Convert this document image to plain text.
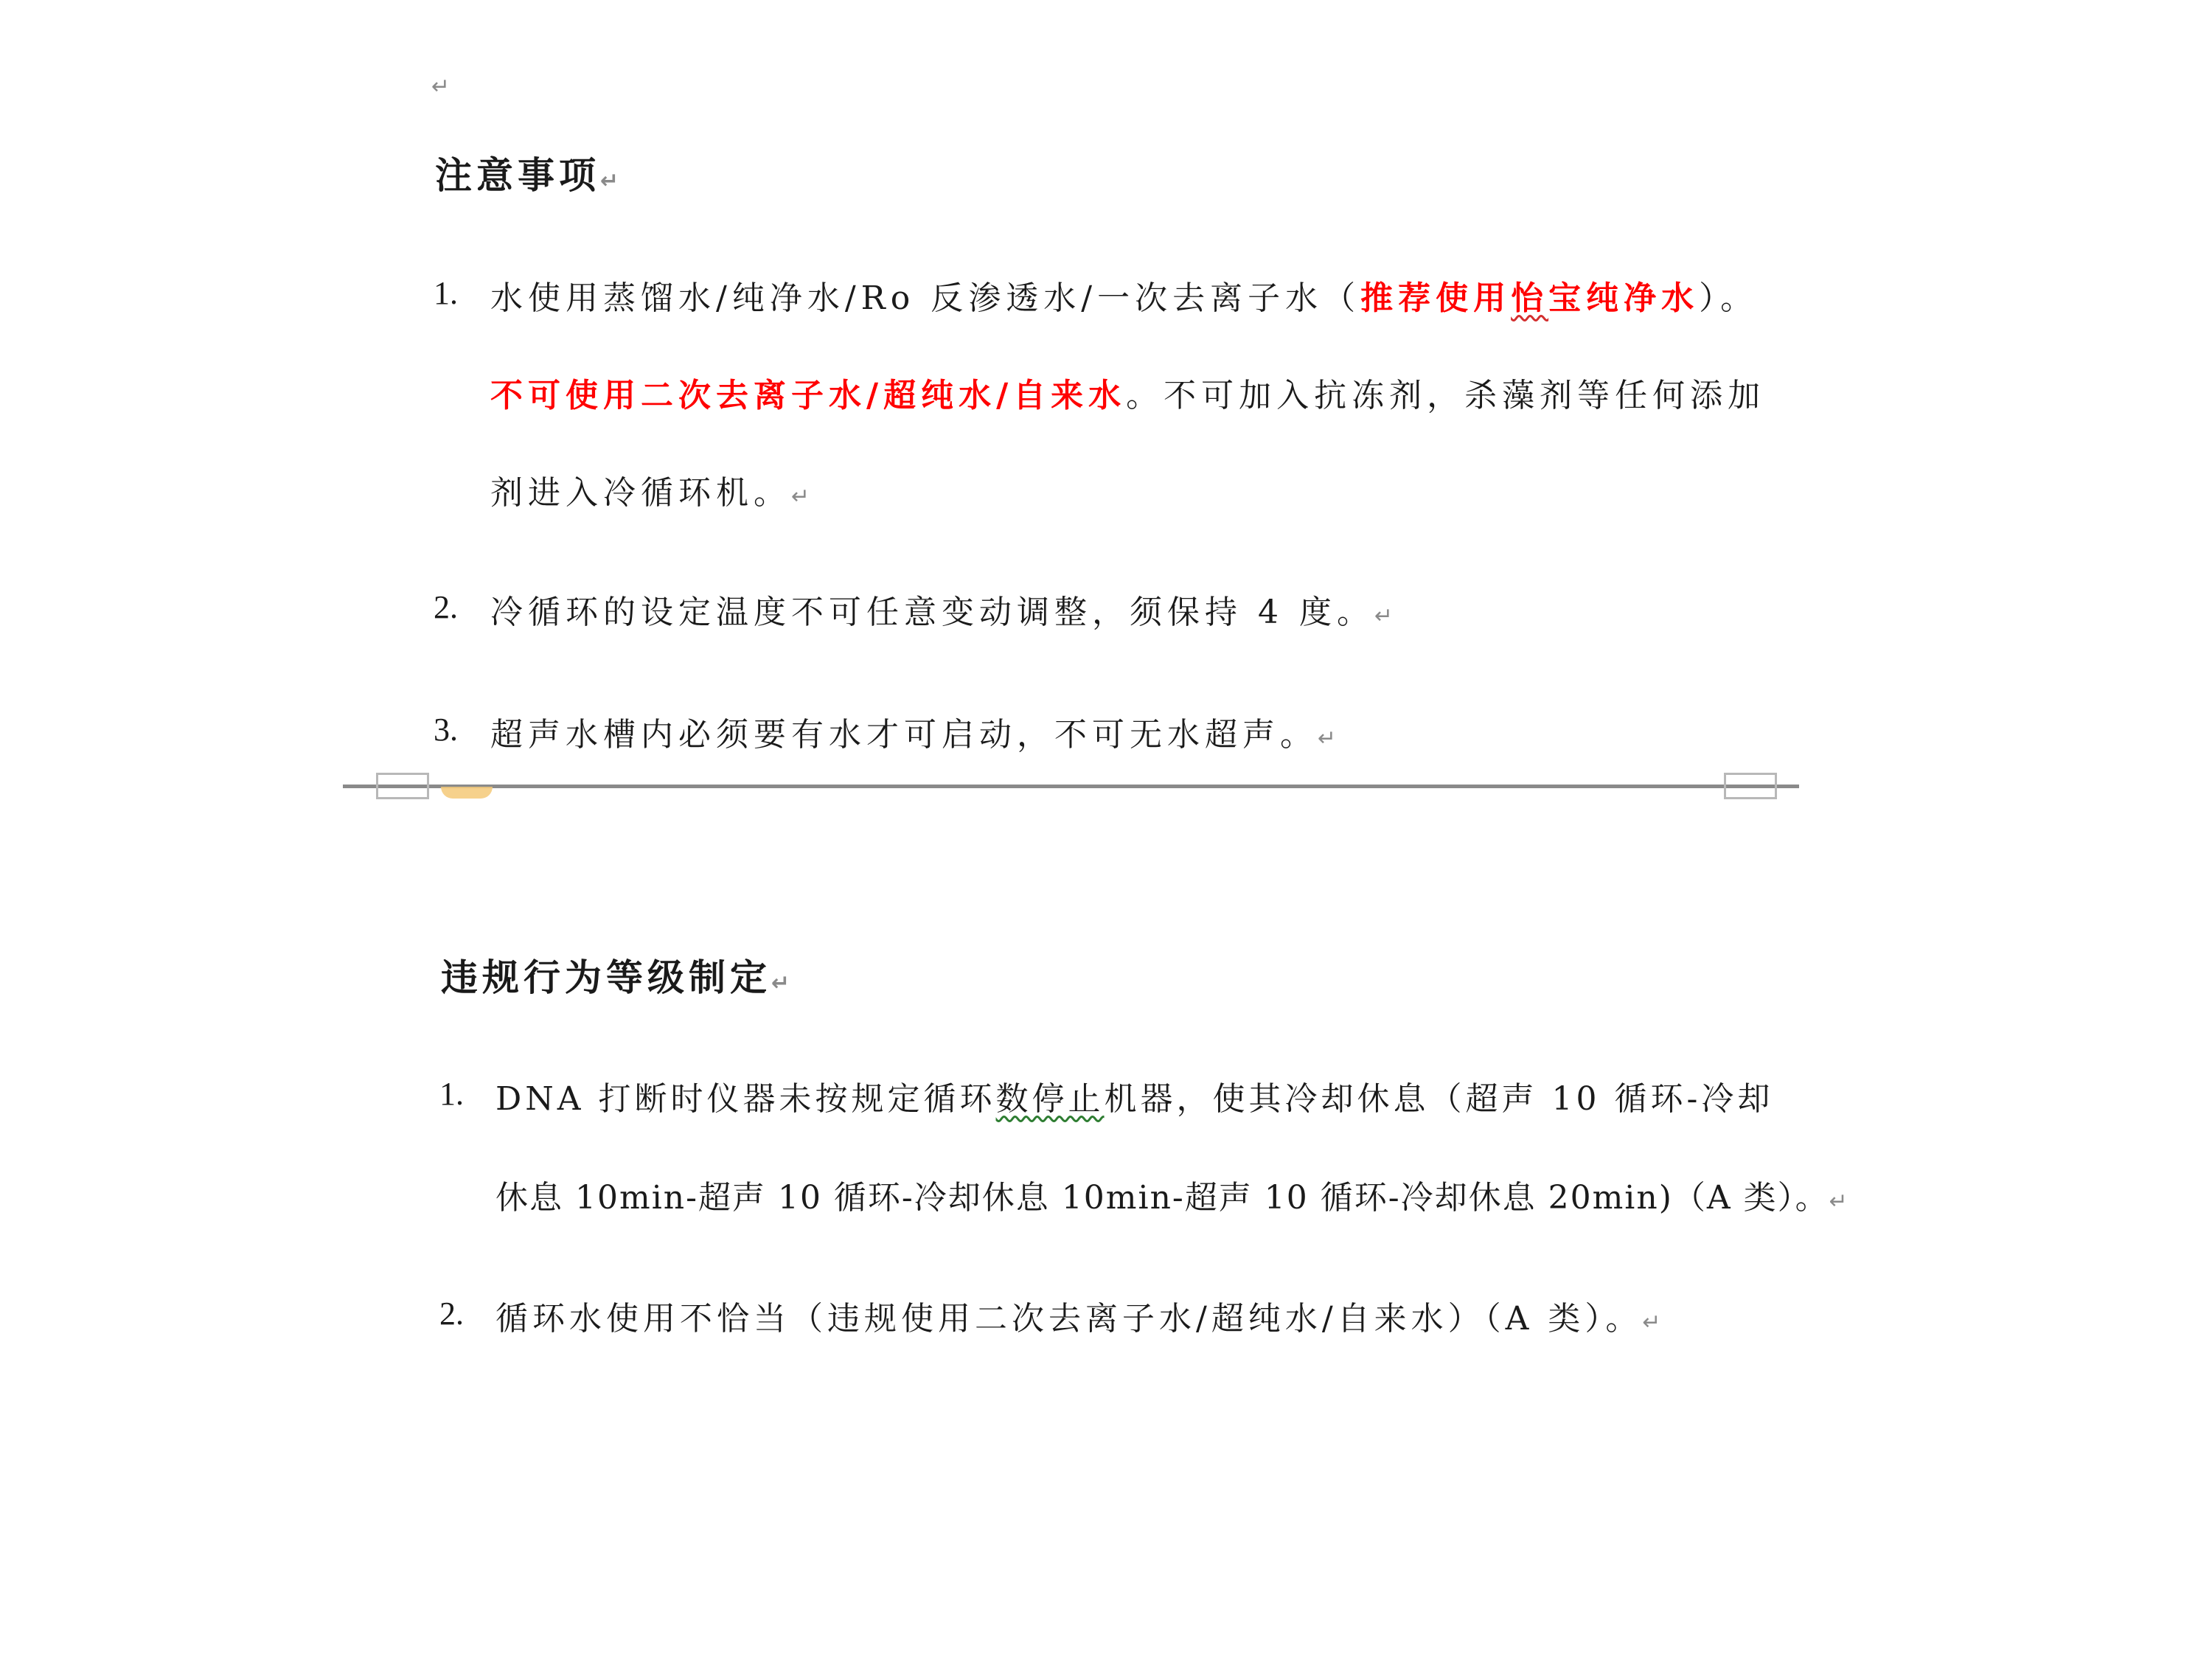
↵
注意事项↵
1. 水使用蒸馏水/纯净水/Ro 反渗透水/一次去离子水（推荐使用怡宝纯净水）。
不可使用二次去离子水/超纯水/自来水。不可加入抗冻剂，杀藻剂等任何添加
剂进入冷循环机。↵
2. 冷循环的设定温度不可任意变动调整，须保持 4 度。↵
3. 超声水槽内必须要有水才可启动，不可无水超声。↵
违规行为等级制定↵
1. DNA 打断时仪器未按规定循环数停止机器，使其冷却休息（超声 10 循环-冷却
休息 10min-超声 10 循环-冷却休息 10min-超声 10 循环-冷却休息 20min)（A 类）。↵
2. 循环水使用不恰当（违规使用二次去离子水/超纯水/自来水）（A 类）。↵
